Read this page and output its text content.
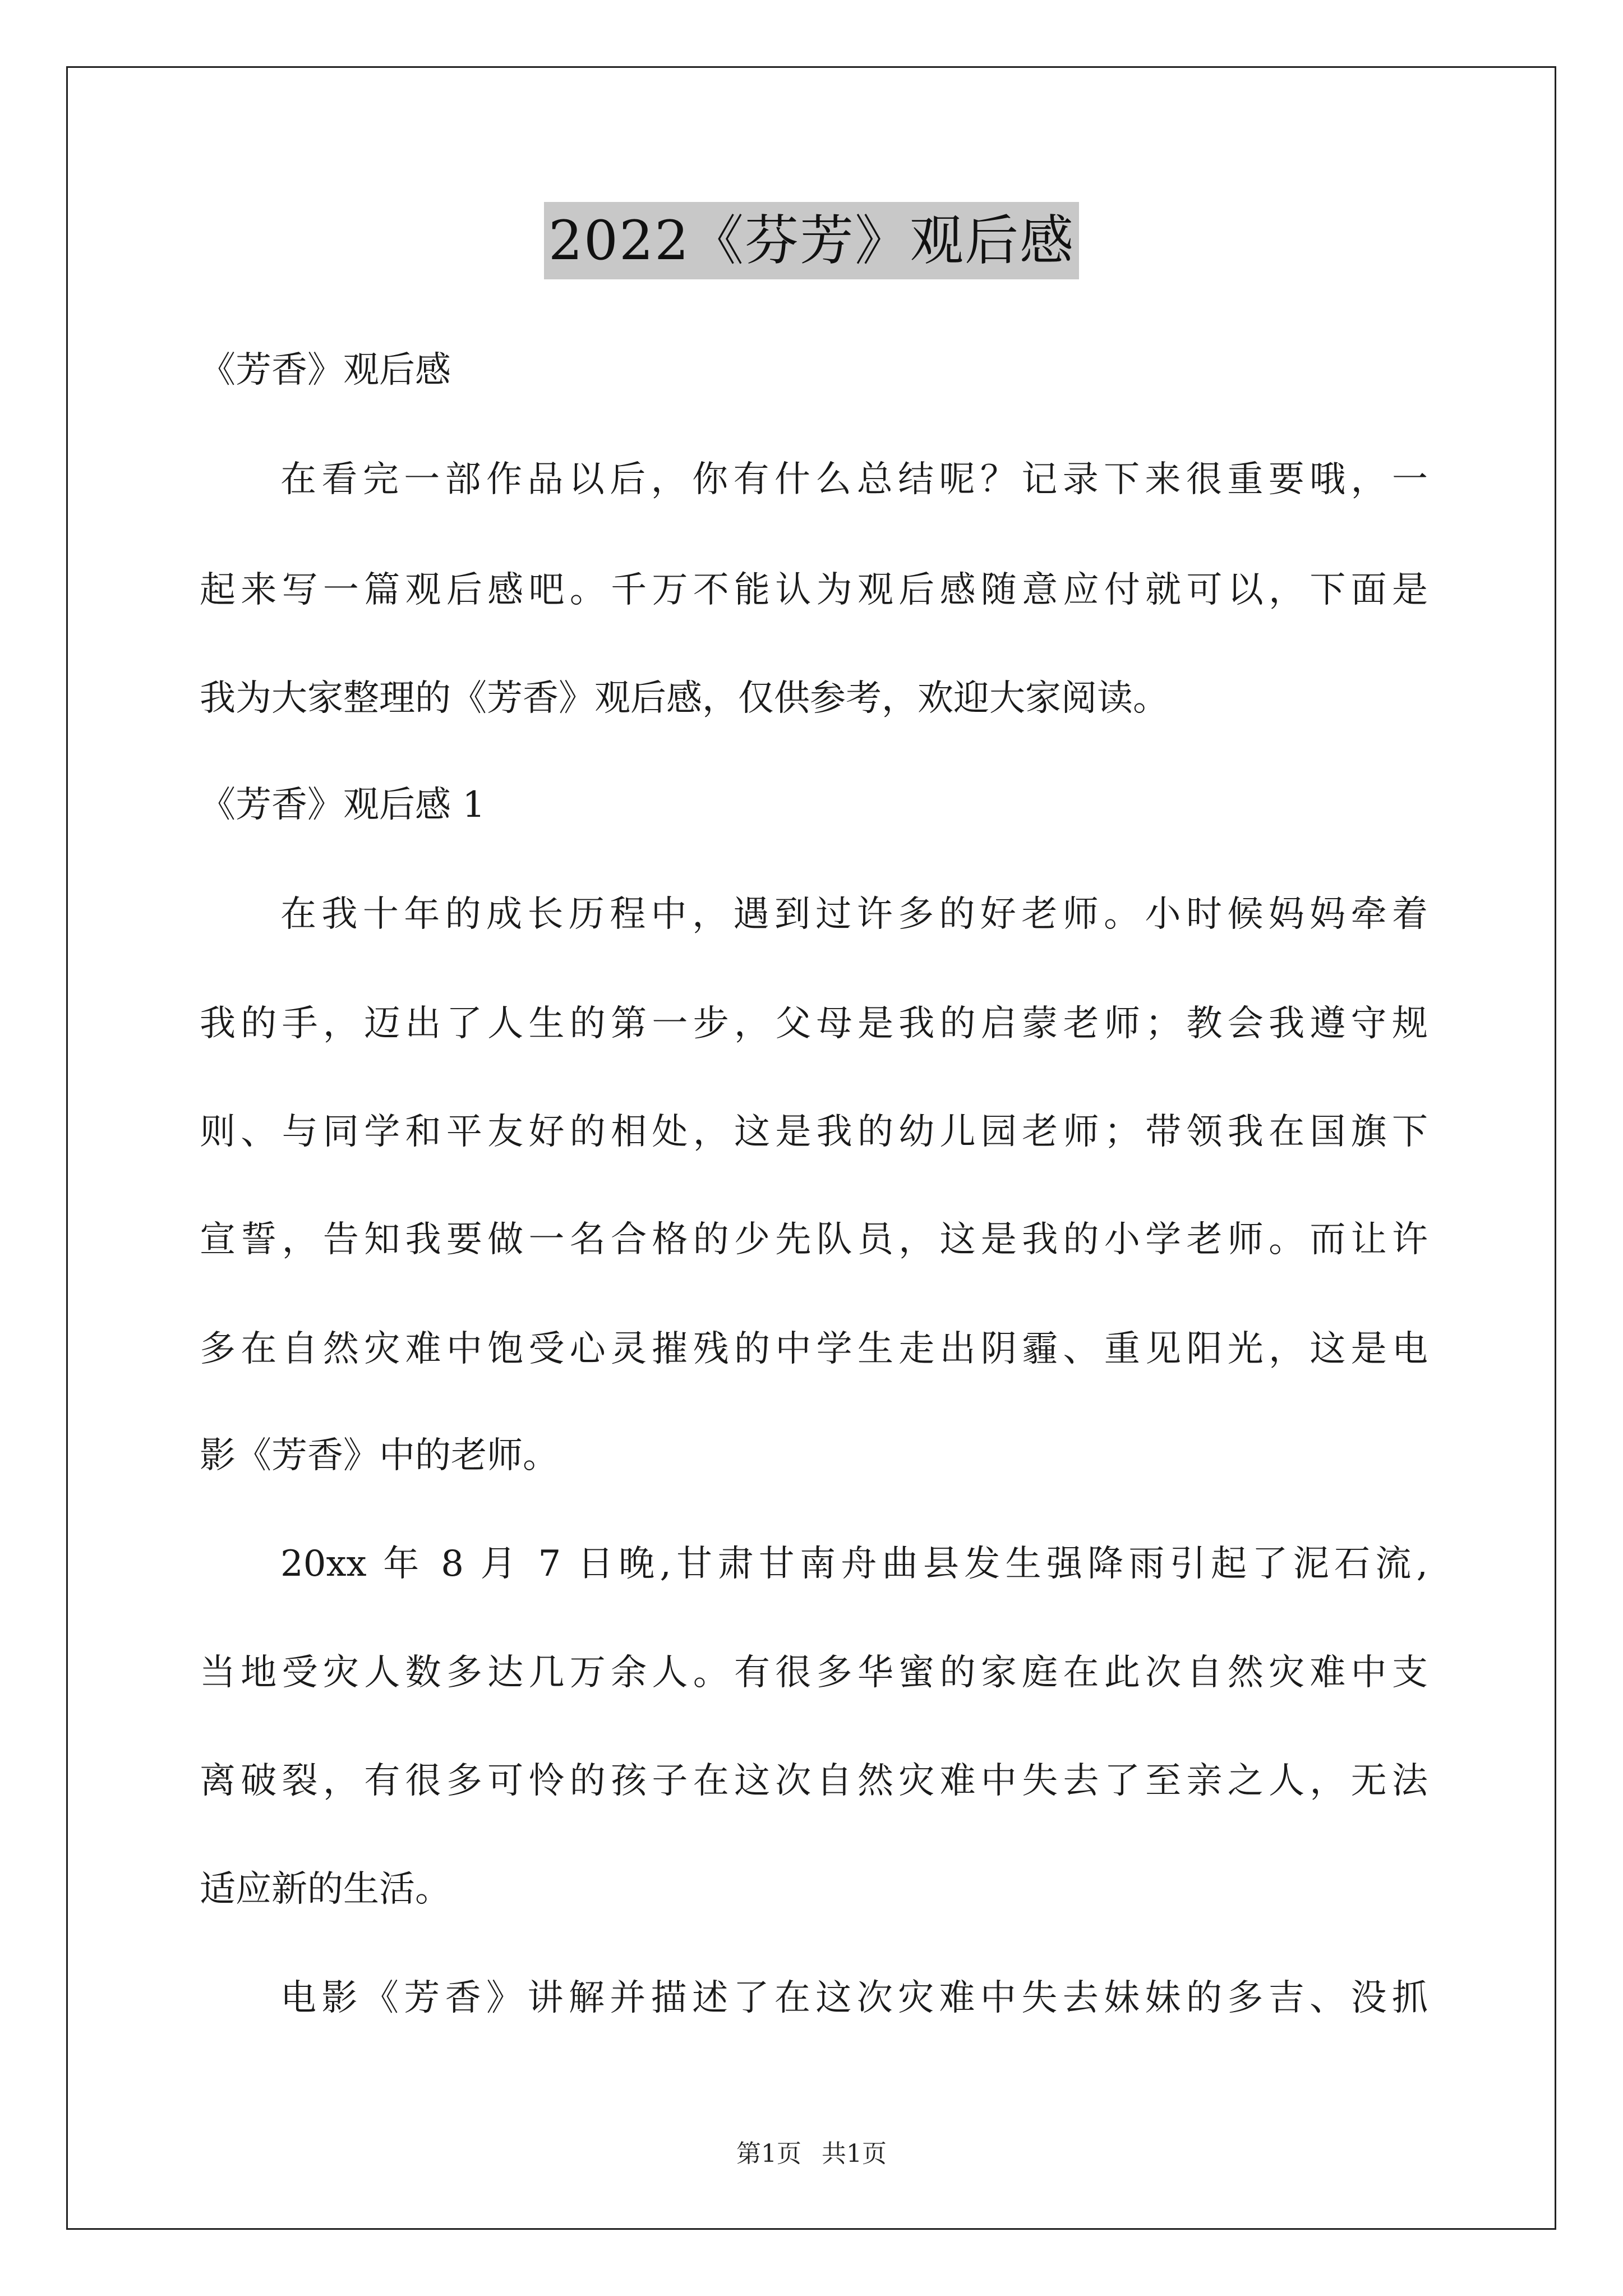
2022《芬芳》观后感
《芳香》观后感
在看完一部作品以后，你有什么总结呢？记录下来很重要哦，一
起来写一篇观后感吧。千万不能认为观后感随意应付就可以，下面是
我为大家整理的《芳香》观后感，仅供参考，欢迎大家阅读。
《芳香》观后感 1
在我十年的成长历程中，遇到过许多的好老师。小时候妈妈牵着
我的手，迈出了人生的第一步，父母是我的启蒙老师；教会我遵守规
则、与同学和平友好的相处，这是我的幼儿园老师；带领我在国旗下
宣誓，告知我要做一名合格的少先队员，这是我的小学老师。而让许
多在自然灾难中饱受心灵摧残的中学生走出阴霾、重见阳光，这是电
影《芳香》中的老师。
20xx 年 8 月 7 日晚,甘肃甘南舟曲县发生强降雨引起了泥石流,
当地受灾人数多达几万余人。有很多华蜜的家庭在此次自然灾难中支
离破裂，有很多可怜的孩子在这次自然灾难中失去了至亲之人，无法
适应新的生活。
电影《芳香》讲解并描述了在这次灾难中失去妹妹的多吉、没抓
第1页 共1页
